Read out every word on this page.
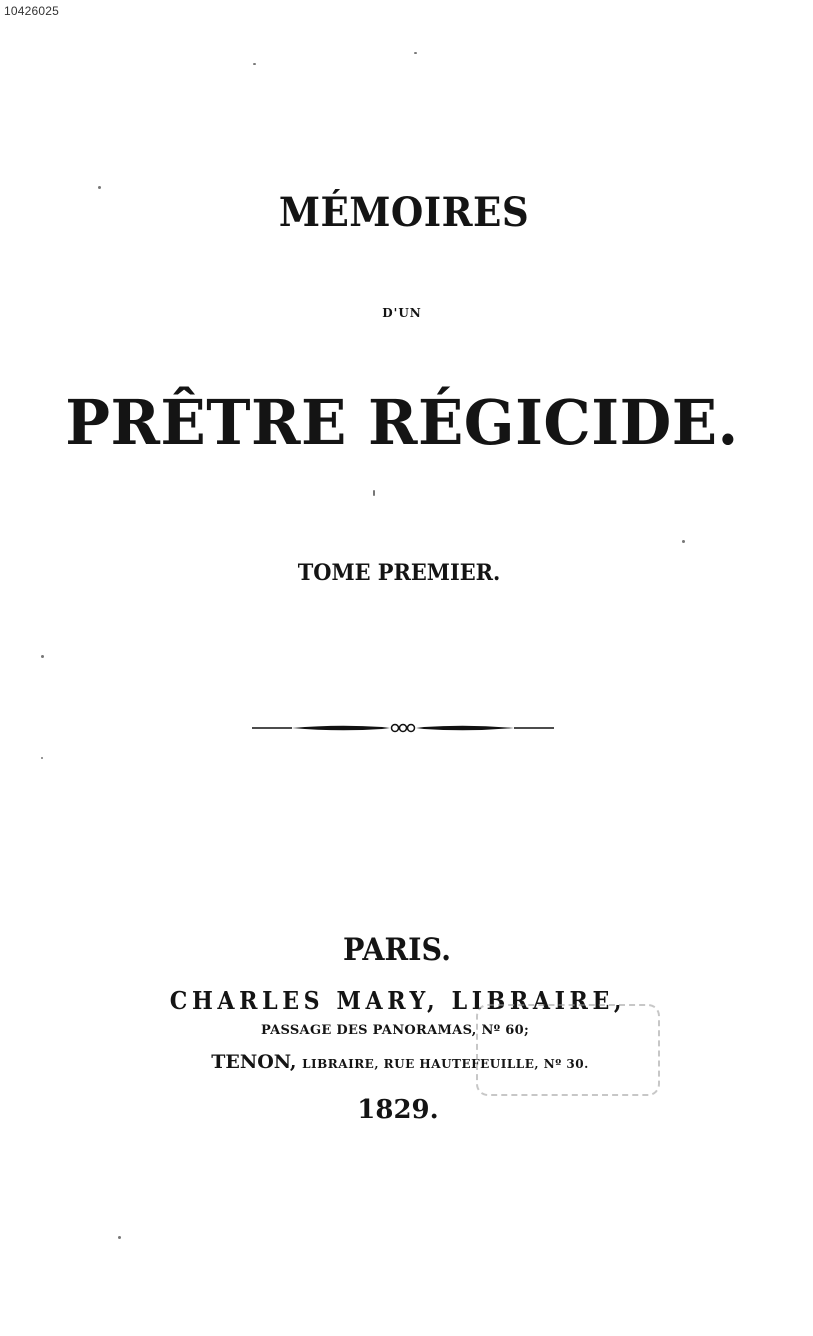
10426025
MÉMOIRES
D'UN
PRÊTRE RÉGICIDE.
TOME PREMIER.
PARIS.
CHARLES MARY, LIBRAIRE,
PASSAGE DES PANORAMAS, Nº 60;
TENON, LIBRAIRE, RUE HAUTEFEUILLE, Nº 30.
1829.
